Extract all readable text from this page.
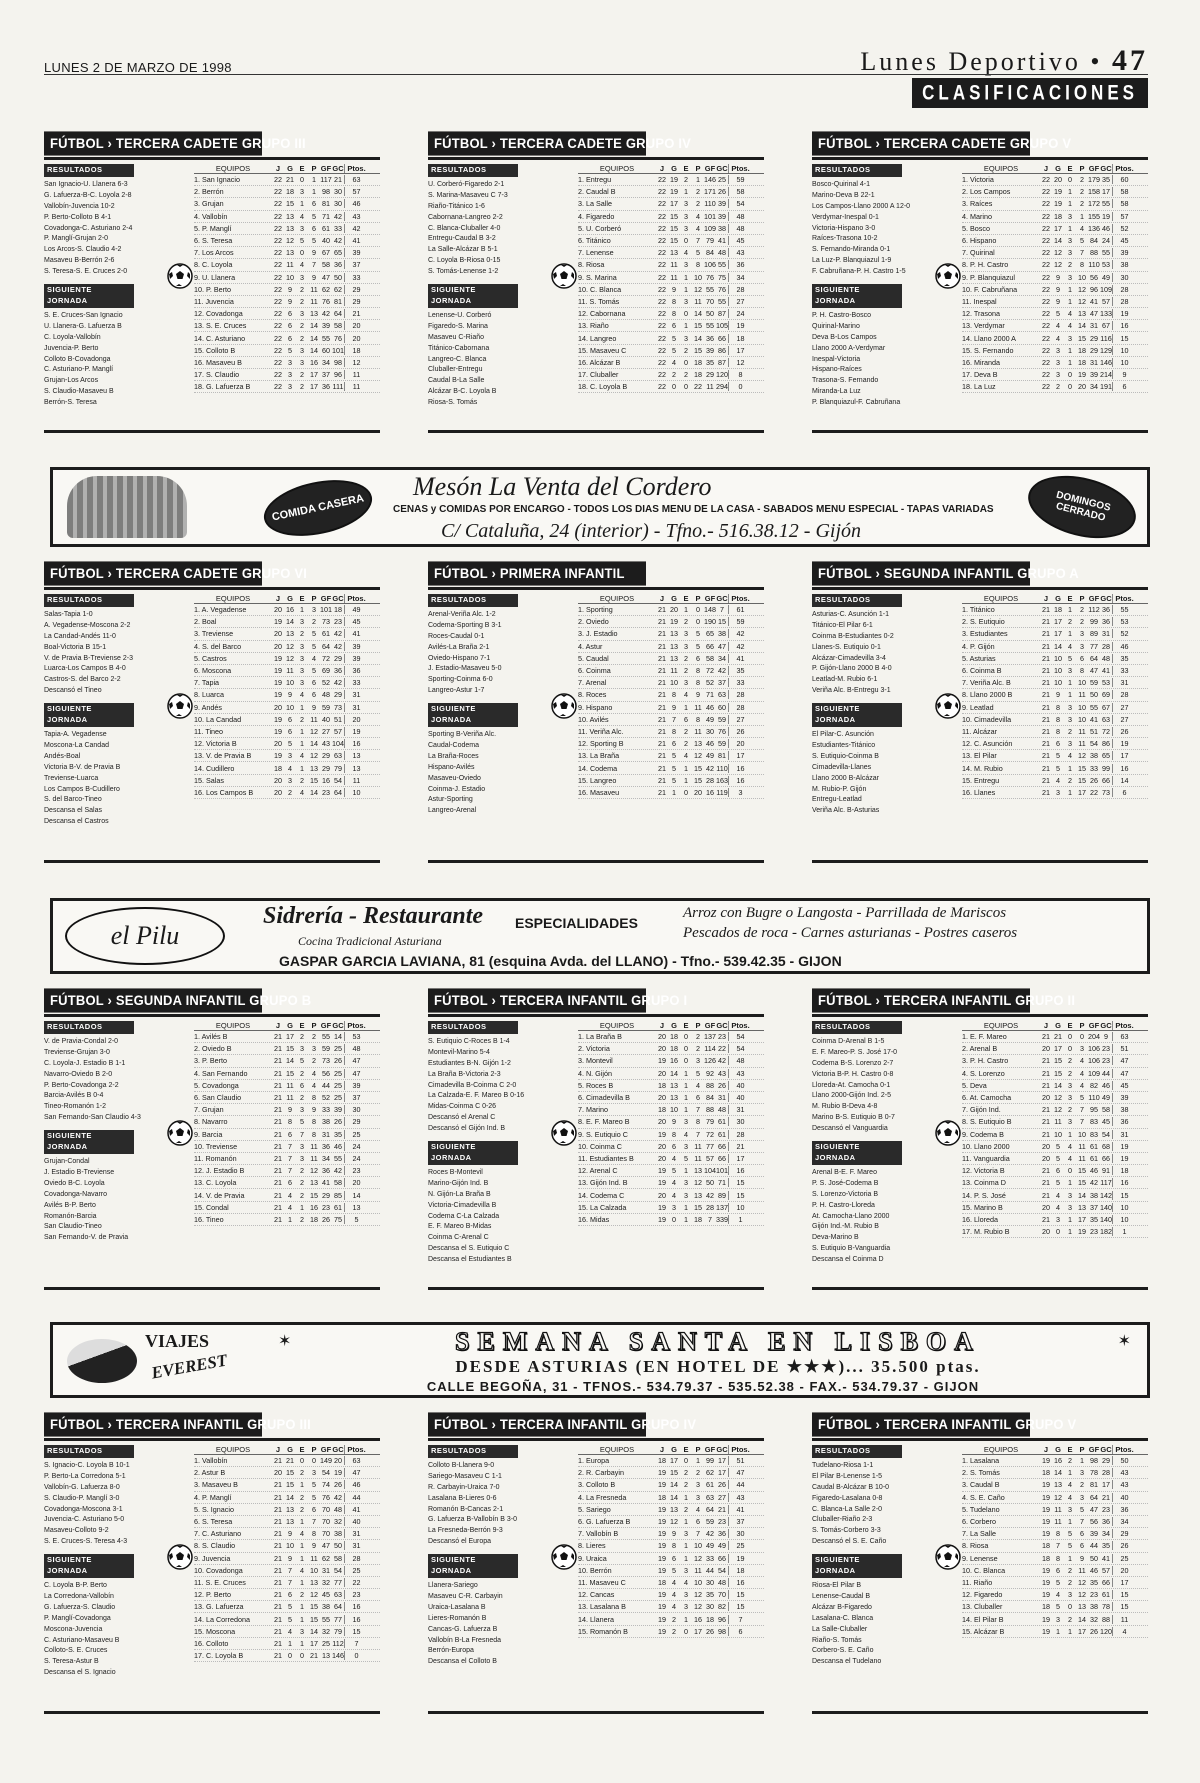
LUNES 2 DE MARZO DE 1998	Lunes Deportivo • 47
CLASIFICACIONES
FÚTBOL › TERCERA CADETE GRUPO III
RESULTADOS
San Ignacio-U. Llanera 6-3
G. Lafuerza-B-C. Loyola 2-8
Vallobín-Juvencia 10-2
P. Berto-Colloto B 4-1
Covadonga-C. Asturiano 2-4
P. Manglí-Grujan 2-0
Los Arcos-S. Claudio 4-2
Masaveu B-Berrón 2-6
S. Teresa-S. E. Cruces 2-0
SIGUIENTE JORNADA
S. E. Cruces-San Ignacio
U. Llanera-G. Lafuerza B
C. Loyola-Vallobín
Juvencia-P. Berto
Colloto B-Covadonga
C. Asturiano-P. Manglí
Grujan-Los Arcos
S. Claudio-Masaveu B
Berrón-S. Teresa
EQUIPOS	J G E P GF GC Ptos.
1. San Ignacio	22 21 0	1 117 21	63
2. Berrón	22 18 3	1 98 30	57
3. Grujan	22 15 1	6 81 30	46
4. Vallobín	22 13 4	5 71 42	43
5. P. Manglí	22 13 3	6 61 33	42
6. S. Teresa	22 12 5	5 40 42	41
7. Los Arcos	22 13 0	9 67 65	39
8. C. Loyola	22 11 4	7 58 36	37
9. U. Llanera	22 10 3	9 47 50	33
10. P. Berto	22 9	2 11 62 62	29
11. Juvencia	22 9	2 11 76 81	29
12. Covadonga	22 6	3 13 42 64	21
13. S. E. Cruces	22 6	2 14 39 58	20
14. C. Asturiano	22 6	2 14 55 76	20
15. Colloto B	22 5	3 14 60 101	18
16. Masaveu B	22 3	3 16 34 98	12
17. S. Claudio	22 3	2 17 37 96	11
18. G. Lafuerza B	22 3	2 17 36 111	11
FÚTBOL › TERCERA CADETE GRUPO IV
RESULTADOS
U. Corberó-Figaredo 2-1
S. Marina-Masaveu C 7-3
Riaño-Titánico 1-6
Cabornana-Langreo 2-2
C. Blanca-Cluballer 4-0
Entregu-Caudal B 3-2
La Salle-Alcázar B 5-1
C. Loyola B-Riosa 0-15
S. Tomás-Lenense 1-2
SIGUIENTE JORNADA
Lenense-U. Corberó
Figaredo-S. Marina
Masaveu C-Riaño
Titánico-Cabornana
Langreo-C. Blanca
Cluballer-Entregu
Caudal B-La Salle
Alcázar B-C. Loyola B
Riosa-S. Tomás
EQUIPOS	J G E P GF GC Ptos.
1. Entregu	22 19 2	1 146 25	59
2. Caudal B	22 19 1	2 171 26	58
3. La Salle	22 17 3	2 110 39	54
4. Figaredo	22 15 3	4 101 39	48
5. U. Corberó	22 15 3	4 109 38	48
6. Titánico	22 15 0	7 79 41	45
7. Lenense	22 13 4	5 84 48	43
8. Riosa	22 11 3	8 106 55	36
9. S. Marina	22 11 1 10 76 75	34
10. C. Blanca	22 9	1 12 55 76	28
11. S. Tomás	22 8	3 11 70 55	27
12. Cabornana	22 8	0 14 50 87	24
13. Riaño	22 6	1 15 55 105	19
14. Langreo	22 5	3 14 36 66	18
15. Masaveu C	22 5	2 15 39 86	17
16. Alcázar B	22 4	0 18 35 87	12
17. Cluballer	22 2	2 18 29 120	8
18. C. Loyola B	22 0	0 22 11 294	0
FÚTBOL › TERCERA CADETE GRUPO V
RESULTADOS
Bosco-Quirinal 4-1
Marino-Deva B 22-1
Los Campos-Llano 2000 A 12-0
Verdymar-Inespal 0-1
Victoria-Hispano 3-0
Raíces-Trasona 10-2
S. Fernando-Miranda 0-1
La Luz-P. Blanquiazul 1-9
F. Cabruñana-P. H. Castro 1-5
SIGUIENTE JORNADA
P. H. Castro-Bosco
Quirinal-Marino
Deva B-Los Campos
Llano 2000 A-Verdymar
Inespal-Victoria
Hispano-Raíces
Trasona-S. Fernando
Miranda-La Luz
P. Blanquiazul-F. Cabruñana
EQUIPOS	J G E P GF GC Ptos.
1. Victoria	22 20 0	2 179 35	60
2. Los Campos	22 19 1	2 158 17	58
3. Raíces	22 19 1	2 172 55	58
4. Marino	22 18 3	1 155 19	57
5. Bosco	22 17 1	4 136 46	52
6. Hispano	22 14 3	5 84 24	45
7. Quirinal	22 12 3	7 88 55	39
8. P. H. Castro	22 12 2	8 110 53	38
9. P. Blanquiazul	22 9	3 10 56 49	30
10. F. Cabruñana	22 9	1 12 96 109	28
11. Inespal	22 9	1 12 41 57	28
12. Trasona	22 5	4 13 47 133	19
13. Verdymar	22 4	4 14 31 67	16
14. Llano 2000 A	22 4	3 15 29 116	15
15. S. Fernando	22 3	1 18 29 129	10
16. Miranda	22 3	1 18 31 146	10
17. Deva B	22 3	0 19 39 214	9
18. La Luz	22 2	0 20 34 191	6
FÚTBOL › TERCERA CADETE GRUPO VI
RESULTADOS
Salas-Tapia 1-0
A. Vegadense-Moscona 2-2
La Candad-Andés 11-0
Boal-Victoria B 15-1
V. de Pravia B-Treviense 2-3
Luarca-Los Campos B 4-0
Castros-S. del Barco 2-2
Descansó el Tineo
SIGUIENTE JORNADA
Tapia-A. Vegadense
Moscona-La Candad
Andés-Boal
Victoria B-V. de Pravia B
Treviense-Luarca
Los Campos B-Cudillero
S. del Barco-Tineo
Descansa el Salas
Descansa el Castros
EQUIPOS	J G E P GF GC Ptos.
1. A. Vegadense	20 16 1	3 101 18	49
2. Boal	19 14 3	2 73 23	45
3. Treviense	20 13 2	5 61 42	41
4. S. del Barco	20 12 3	5 64 42	39
5. Castros	19 12 3	4 72 29	39
6. Moscona	19 11 3	5 69 36	36
7. Tapia	19 10 3	6 52 42	33
8. Luarca	19 9	4	6 48 29	31
9. Andés	20 10 1	9 59 73	31
10. La Candad	19 6	2 11 40 51	20
11. Tineo	19 6	1 12 27 57	19
12. Victoria B	20 5	1 14 43 104	16
13. V. de Pravia B	19 3	4 12 29 63	13
14. Cudillero	18 4	1 13 29 79	13
15. Salas	20 3	2 15 16 54	11
16. Los Campos B	20 2	4 14 23 64	10
FÚTBOL › PRIMERA INFANTIL
RESULTADOS
Arenal-Veriña Alc. 1-2
Codema-Sporting B 3-1
Roces-Caudal 0-1
Avilés-La Braña 2-1
Oviedo-Hispano 7-1
J. Estadio-Masaveu 5-0
Sporting-Coinma 6-0
Langreo-Astur 1-7
SIGUIENTE JORNADA
Sporting B-Veriña Alc.
Caudal-Codema
La Braña-Roces
Hispano-Avilés
Masaveu-Oviedo
Coinma-J. Estadio
Astur-Sporting
Langreo-Arenal
EQUIPOS	J G E P GF GC Ptos.
1. Sporting	21 20 1	0 148 7	61
2. Oviedo	21 19 2	0 190 15	59
3. J. Estadio	21 13 3	5 65 38	42
4. Astur	21 13 3	5 66 47	42
5. Caudal	21 13 2	6 58 34	41
6. Coinma	21 11 2	8 72 42	35
7. Arenal	21 10 3	8 52 37	33
8. Roces	21 8	4	9 71 63	28
9. Hispano	21 9	1 11 46 60	28
10. Avilés	21 7	6	8 49 59	27
11. Veriña Alc.	21 8	2 11 30 76	26
12. Sporting B	21 6	2 13 46 59	20
13. La Braña	21 5	4 12 49 81	17
14. Codema	21 5	1 15 42 110	16
15. Langreo	21 5	1 15 28 163	16
16. Masaveu	21 1	0 20 16 119	3
FÚTBOL › SEGUNDA INFANTIL GRUPO A
RESULTADOS
Asturias-C. Asunción 1-1
Titánico-El Pilar 6-1
Coinma B-Estudiantes 0-2
Llanes-S. Eutiquio 0-1
Alcázar-Cimadevilla 3-4
P. Gijón-Llano 2000 B 4-0
Leatlad-M. Rubio 6-1
Veriña Alc. B-Entregu 3-1
SIGUIENTE JORNADA
El Pilar-C. Asunción
Estudiantes-Titánico
S. Eutiquio-Coinma B
Cimadevilla-Llanes
Llano 2000 B-Alcázar
M. Rubio-P. Gijón
Entregu-Leatlad
Veriña Alc. B-Asturias
EQUIPOS	J G E P GF GC Ptos.
1. Titánico	21 18 1	2 112 36	55
2. S. Eutiquio	21 17 2	2 99 36	53
3. Estudiantes	21 17 1	3 89 31	52
4. P. Gijón	21 14 4	3 77 28	46
5. Asturias	21 10 5	6 64 48	35
6. Coinma B	21 10 3	8 47 41	33
7. Veriña Alc. B	21 10 1 10 59 53	31
8. Llano 2000 B	21 9	1 11 50 69	28
9. Leatlad	21 8	3 10 55 67	27
10. Cimadevilla	21 8	3 10 41 63	27
11. Alcázar	21 8	2 11 51 72	26
12. C. Asunción	21 6	3 11 54 86	19
13. El Pilar	21 5	4 12 38 65	17
14. M. Rubio	21 5	1 15 33 99	16
15. Entregu	21 4	2 15 26 66	14
16. Llanes	21 3	1 17 22 73	6
FÚTBOL › SEGUNDA INFANTIL GRUPO B
RESULTADOS
V. de Pravia-Condal 2-0
Treviense-Grujan 3-0
C. Loyola-J. Estadio B 1-1
Navarro-Oviedo B 2-0
P. Berto-Covadonga 2-2
Barcia-Avilés B 0-4
Tineo-Romanón 1-2
San Fernando-San Claudio 4-3
SIGUIENTE JORNADA
Grujan-Condal
J. Estadio B-Treviense
Oviedo B-C. Loyola
Covadonga-Navarro
Avilés B-P. Berto
Romanón-Barcia
San Claudio-Tineo
San Fernando-V. de Pravia
EQUIPOS	J G E P GF GC Ptos.
1. Avilés B	21 17 2	2 55 14	53
2. Oviedo B	21 15 3	3 59 25	48
3. P. Berto	21 14 5	2 73 26	47
4. San Fernando	21 15 2	4 56 25	47
5. Covadonga	21 11 6	4 44 25	39
6. San Claudio	21 11 2	8 52 25	37
7. Grujan	21 9	3	9 33 39	30
8. Navarro	21 8	5	8 38 26	29
9. Barcia	21 6	7	8 31 35	25
10. Treviense	21 7	3 11 36 46	24
11. Romanón	21 7	3 11 34 55	24
12. J. Estadio B	21 7	2 12 36 42	23
13. C. Loyola	21 6	2 13 41 58	20
14. V. de Pravia	21 4	2 15 29 85	14
15. Condal	21 4	1 16 23 61	13
16. Tineo	21 1	2 18 26 75	5
FÚTBOL › TERCERA INFANTIL GRUPO I
RESULTADOS
S. Eutiquio C-Roces B 1-4
Montevil-Marino 5-4
Estudiantes B-N. Gijón 1-2
La Braña B-Victoria 2-3
Cimadevilla B-Coinma C 2-0
La Calzada-E. F. Mareo B 0-16
Midas-Coinma C 0-26
Descansó el Arenal C
Descansó el Gijón Ind. B
SIGUIENTE JORNADA
Roces B-Montevil
Marino-Gijón Ind. B
N. Gijón-La Braña B
Victoria-Cimadevilla B
Codema C-La Calzada
E. F. Mareo B-Midas
Coinma C-Arenal C
Descansa el S. Eutiquio C
Descansa el Estudiantes B
EQUIPOS	J G E P GF GC Ptos.
1. La Braña B	20 18 0	2 137 23	54
2. Victoria	20 18 0	2 114 22	54
3. Montevil	19 16 0	3 126 42	48
4. N. Gijón	20 14 1	5 92 43	43
5. Roces B	18 13 1	4 88 26	40
6. Cimadevilla B	20 13 1	6 84 31	40
7. Marino	18 10 1	7 88 48	31
8. E. F. Mareo B	20 9	3	8 79 61	30
9. S. Eutiquio C	19 8	4	7 72 61	28
10. Coinma C	20 6	3 11 77 66	21
11. Estudiantes B	20 4	5 11 57 66	17
12. Arenal C	19 5	1 13 104 101	16
13. Gijón Ind. B	19 4	3 12 50 71	15
14. Codema C	20 4	3 13 42 89	15
15. La Calzada	19 3	1 15 28 137	10
16. Midas	19 0	1 18 7 339	1
FÚTBOL › TERCERA INFANTIL GRUPO II
RESULTADOS
Coinma D-Arenal B 1-5
E. F. Mareo-P. S. José 17-0
Codema B-S. Lorenzo 2-7
Victoria B-P. H. Castro 0-8
Lloreda-At. Camocha 0-1
Llano 2000-Gijón Ind. 2-5
M. Rubio B-Deva 4-8
Marino B-S. Eutiquio B 0-7
Descansó el Vanguardia
SIGUIENTE JORNADA
Arenal B-E. F. Mareo
P. S. José-Codema B
S. Lorenzo-Victoria B
P. H. Castro-Lloreda
At. Camocha-Llano 2000
Gijón Ind.-M. Rubio B
Deva-Marino B
S. Eutiquio B-Vanguardia
Descansa el Coinma D
EQUIPOS	J G E P GF GC Ptos.
1. E. F. Mareo	21 21 0	0 204 9	63
2. Arenal B	20 17 0	3 106 23	51
3. P. H. Castro	21 15 2	4 106 23	47
4. S. Lorenzo	21 15 2	4 109 44	47
5. Deva	21 14 3	4 82 46	45
6. At. Camocha	20 12 3	5 110 49	39
7. Gijón Ind.	21 12 2	7 95 58	38
8. S. Eutiquio B	21 11 3	7 83 45	36
9. Codema B	21 10 1 10 83 54	31
10. Llano 2000	20 5	4 11 61 68	19
11. Vanguardia	20 5	4 11 61 66	19
12. Victoria B	21 6	0 15 46 91	18
13. Coinma D	21 5	1 15 42 117	16
14. P. S. José	21 4	3 14 38 142	15
15. Marino B	20 4	3 13 37 140	10
16. Lloreda	21 3	1 17 35 140	10
17. M. Rubio B	20 0	1 19 23 182	1
FÚTBOL › TERCERA INFANTIL GRUPO III
RESULTADOS
S. Ignacio-C. Loyola B 10-1
P. Berto-La Corredona 5-1
Vallobín-G. Lafuerza 8-0
S. Claudio-P. Manglí 3-0
Covadonga-Moscona 3-1
Juvencia-C. Asturiano 5-0
Masaveu-Colloto 9-2
S. E. Cruces-S. Teresa 4-3
SIGUIENTE JORNADA
C. Loyola B-P. Berto
La Corredona-Vallobín
G. Lafuerza-S. Claudio
P. Manglí-Covadonga
Moscona-Juvencia
C. Asturiano-Masaveu B
Colloto-S. E. Cruces
S. Teresa-Astur B
Descansa el S. Ignacio
EQUIPOS	J G E P GF GC Ptos.
1. Vallobín	21 21 0	0 149 20	63
2. Astur B	20 15 2	3 54 19	47
3. Masaveu B	21 15 1	5 74 26	46
4. P. Manglí	21 14 2	5 76 42	44
5. S. Ignacio	21 13 2	6 70 48	41
6. S. Teresa	21 13 1	7 70 32	40
7. C. Asturiano	21 9	4	8 70 38	31
8. S. Claudio	21 10 1	9 47 50	31
9. Juvencia	21 9	1 11 62 58	28
10. Covadonga	21 7	4 10 31 54	25
11. S. E. Cruces	21 7	1 13 32 77	22
12. P. Berto	21 6	2 12 45 63	23
13. G. Lafuerza	21 5	1 15 38 64	16
14. La Corredona	21 5	1 15 55 77	16
15. Moscona	21 4	3 14 32 79	15
16. Colloto	21 1	1 17 25 112	7
17. C. Loyola B	21 0	0 21 13 146	0
FÚTBOL › TERCERA INFANTIL GRUPO IV
RESULTADOS
Colloto B-Llanera 9-0
Sariego-Masaveu C 1-1
R. Carbayin-Uraica 7-0
Lasalana B-Lieres 0-6
Romanón B-Cancas 2-1
G. Lafuerza B-Vallobín B 3-0
La Fresneda-Berrón 9-3
Descansó el Europa
SIGUIENTE JORNADA
Llanera-Sariego
Masaveu C-R. Carbayin
Uraica-Lasalana B
Lieres-Romanón B
Cancas-G. Lafuerza B
Vallobín B-La Fresneda
Berrón-Europa
Descansa el Colloto B
EQUIPOS	J G E P GF GC Ptos.
1. Europa	18 17 0	1 99 17	51
2. R. Carbayin	19 15 2	2 62 17	47
3. Colloto B	19 14 2	3 61 26	44
4. La Fresneda	18 14 1	3 63 27	43
5. Sariego	19 13 2	4 64 21	41
6. G. Lafuerza B	19 12 1	6 59 23	37
7. Vallobín B	19 9	3	7 42 36	30
8. Lieres	19 8	1 10 49 49	25
9. Uraica	19 6	1 12 33 66	19
10. Berrón	19 5	3 11 44 54	18
11. Masaveu C	18 4	4 10 30 48	16
12. Cancas	19 4	3 12 35 70	15
13. Lasalana B	19 4	3 12 30 82	15
14. Llanera	19 2	1 16 18 96	7
15. Romanón B	19 2	0 17 26 98	6
FÚTBOL › TERCERA INFANTIL GRUPO V
RESULTADOS
Tudelano-Riosa 1-1
El Pilar B-Lenense 1-5
Caudal B-Alcázar B 10-0
Figaredo-Lasalana 0-8
C. Blanca-La Salle 2-0
Cluballer-Riaño 2-3
S. Tomás-Corbero 3-3
Descansó el S. E. Caño
SIGUIENTE JORNADA
Riosa-El Pilar B
Lenense-Caudal B
Alcázar B-Figaredo
Lasalana-C. Blanca
La Salle-Cluballer
Riaño-S. Tomás
Corbero-S. E. Caño
Descansa el Tudelano
EQUIPOS	J G E P GF GC Ptos.
1. Lasalana	19 16 2	1 98 29	50
2. S. Tomás	18 14 1	3 78 28	43
3. Caudal B	19 13 4	2 81 17	43
4. S. E. Caño	19 12 4	3 64 21	40
5. Tudelano	19 11 3	5 47 23	36
6. Corbero	19 11 1	7 56 36	34
7. La Salle	19 8	5	6 39 34	29
8. Riosa	18 7	5	6 44 35	26
9. Lenense	18 8	1	9 50 41	25
10. C. Blanca	19 6	2 11 46 57	20
11. Riaño	19 5	2 12 35 66	17
12. Figaredo	19 4	3 12 23 61	15
13. Cluballer	18 5	0 13 38 78	15
14. El Pilar B	19 3	2 14 32 88	11
15. Alcázar B	19 1	1 17 26 120	4
COMIDA CASERA
Mesón La Venta del Cordero
CENAS y COMIDAS POR ENCARGO - TODOS LOS DIAS MENU DE LA CASA - SABADOS MENU ESPECIAL - TAPAS VARIADAS
C/ Cataluña, 24 (interior) - Tfno.- 516.38.12 - Gijón
DOMINGOS CERRADO
el Pilu
Sidrería - Restaurante
Cocina Tradicional Asturiana
ESPECIALIDADES
Arroz con Bugre o Langosta - Parrillada de Mariscos
Pescados de roca - Carnes asturianas - Postres caseros
GASPAR GARCIA LAVIANA, 81 (esquina Avda. del LLANO) - Tfno.- 539.42.35 - GIJON
VIAJES
EVEREST
✶	SEMANA SANTA EN LISBOA	✶
DESDE ASTURIAS (EN HOTEL DE ★★★)... 35.500 ptas.
CALLE BEGOÑA, 31 - TFNOS.- 534.79.37 - 535.52.38 - FAX.- 534.79.37 - GIJON
